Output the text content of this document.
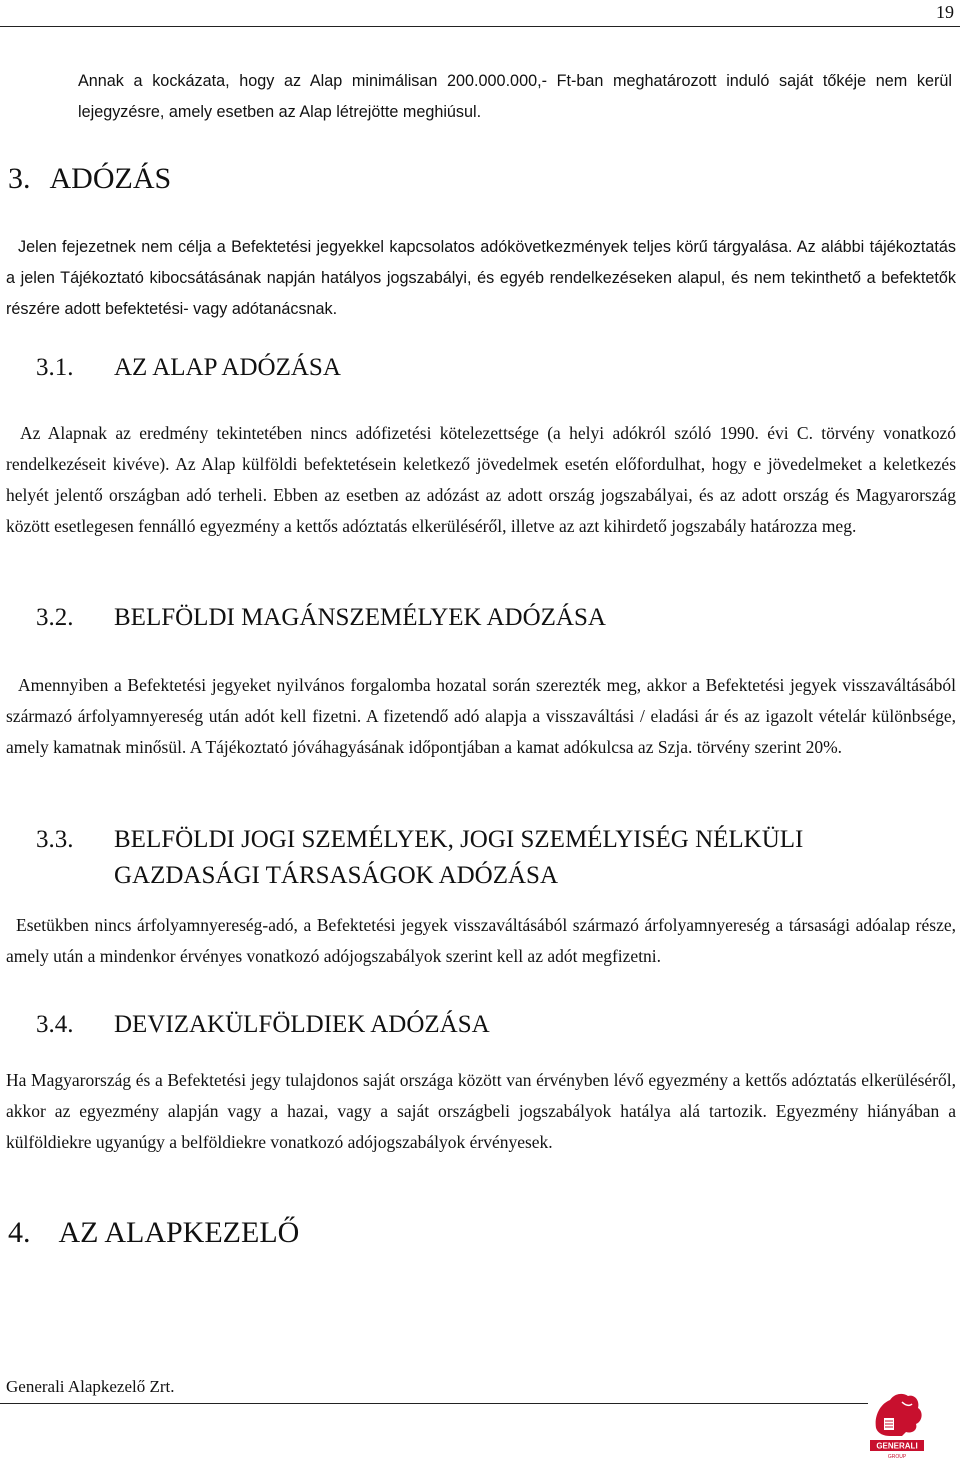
19
Annak a kockázata, hogy az Alap minimálisan 200.000.000,- Ft-ban meghatározott induló saját tőkéje nem kerül lejegyzésre, amely esetben az Alap létrejötte meghiúsul.
3. ADÓZÁS
Jelen fejezetnek nem célja a Befektetési jegyekkel kapcsolatos adókövetkezmények teljes körű tárgyalása. Az alábbi tájékoztatás a jelen Tájékoztató kibocsátásának napján hatályos jogszabályi, és egyéb rendelkezéseken alapul, és nem tekinthető a befektetők részére adott befektetési- vagy adótanácsnak.
3.1. AZ ALAP ADÓZÁSA
Az Alapnak az eredmény tekintetében nincs adófizetési kötelezettsége (a helyi adókról szóló 1990. évi C. törvény vonatkozó rendelkezéseit kivéve). Az Alap külföldi befektetésein keletkező jövedelmek esetén előfordulhat, hogy e jövedelmeket a keletkezés helyét jelentő országban adó terheli. Ebben az esetben az adózást az adott ország jogszabályai, és az adott ország és Magyarország között esetlegesen fennálló egyezmény a kettős adóztatás elkerüléséről, illetve az azt kihirdető jogszabály határozza meg.
3.2. BELFÖLDI MAGÁNSZEMÉLYEK ADÓZÁSA
Amennyiben a Befektetési jegyeket nyilvános forgalomba hozatal során szerezték meg, akkor a Befektetési jegyek visszaváltásából származó árfolyamnyereség után adót kell fizetni. A fizetendő adó alapja a visszaváltási / eladási ár és az igazolt vételár különbsége, amely kamatnak minősül. A Tájékoztató jóváhagyásának időpontjában a kamat adókulcsa az Szja. törvény szerint 20%.
3.3. BELFÖLDI JOGI SZEMÉLYEK, JOGI SZEMÉLYISÉG NÉLKÜLI
GAZDASÁGI TÁRSASÁGOK ADÓZÁSA
Esetükben nincs árfolyamnyereség-adó, a Befektetési jegyek visszaváltásából származó árfolyamnyereség a társasági adóalap része, amely után a mindenkor érvényes vonatkozó adójogszabályok szerint kell az adót megfizetni.
3.4. DEVIZAKÜLFÖLDIEK ADÓZÁSA
Ha Magyarország és a Befektetési jegy tulajdonos saját országa között van érvényben lévő egyezmény a kettős adóztatás elkerüléséről, akkor az egyezmény alapján vagy a hazai, vagy a saját országbeli jogszabályok hatálya alá tartozik. Egyezmény hiányában a külföldiekre ugyanúgy a belföldiekre vonatkozó adójogszabályok érvényesek.
4. AZ ALAPKEZELŐ
Generali Alapkezelő Zrt.
GENERALI
GROUP
